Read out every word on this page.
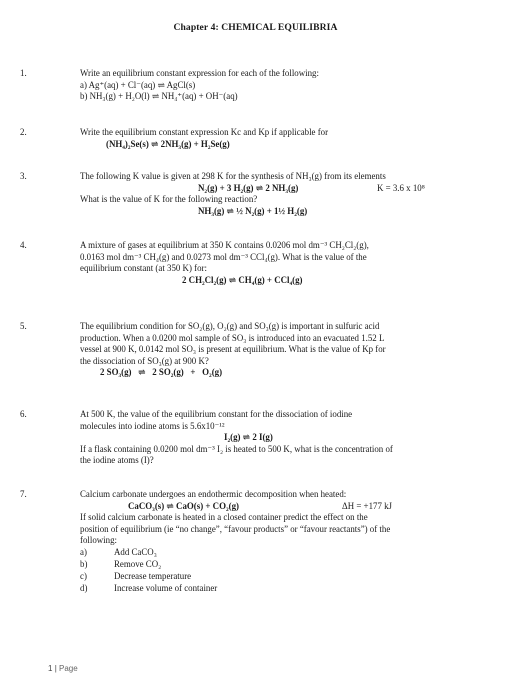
Chapter 4: CHEMICAL EQUILIBRIA
1.	Write an equilibrium constant expression for each of the following:
a) Ag⁺(aq) + Cl⁻(aq) ⇌ AgCl(s)
b) NH₃(g) + H₂O(l) ⇌ NH₄⁺(aq) + OH⁻(aq)
2.	Write the equilibrium constant expression Kc and Kp if applicable for
(NH₄)₂Se(s) ⇌ 2NH₃(g) + H₂Se(g)
3.	The following K value is given at 298 K for the synthesis of NH₃(g) from its elements
N₂(g) + 3 H₂(g) ⇌ 2 NH₃(g)	K = 3.6 x 10⁸
What is the value of K for the following reaction?
NH₃(g) ⇌ ½ N₂(g) + 1½ H₂(g)
4.	A mixture of gases at equilibrium at 350 K contains 0.0206 mol dm⁻³ CH₂Cl₂(g),
0.0163 mol dm⁻³ CH₄(g) and 0.0273 mol dm⁻³ CCl₄(g). What is the value of the
equilibrium constant (at 350 K) for:
2 CH₂Cl₂(g) ⇌ CH₄(g) + CCl₄(g)
5.	The equilibrium condition for SO₂(g), O₂(g) and SO₃(g) is important in sulfuric acid
production. When a 0.0200 mol sample of SO₃ is introduced into an evacuated 1.52 L
vessel at 900 K, 0.0142 mol SO₃ is present at equilibrium. What is the value of Kp for
the dissociation of SO₃(g) at 900 K?
2 SO₃(g)   ⇌   2 SO₂(g)   +   O₂(g)
6.	At 500 K, the value of the equilibrium constant for the dissociation of iodine
molecules into iodine atoms is 5.6x10⁻¹²
I₂(g) ⇌ 2 I(g)
If a flask containing 0.0200 mol dm⁻³ I₂ is heated to 500 K, what is the concentration of
the iodine atoms (I)?
7.	Calcium carbonate undergoes an endothermic decomposition when heated:
CaCO₃(s) ⇌ CaO(s) + CO₂(g)	ΔH = +177 kJ
If solid calcium carbonate is heated in a closed container predict the effect on the
position of equilibrium (ie “no change”, “favour products” or “favour reactants”) of the
following:
a)	Add CaCO₃
b)	Remove CO₂
c)	Decrease temperature
d)	Increase volume of container
1 | Page
